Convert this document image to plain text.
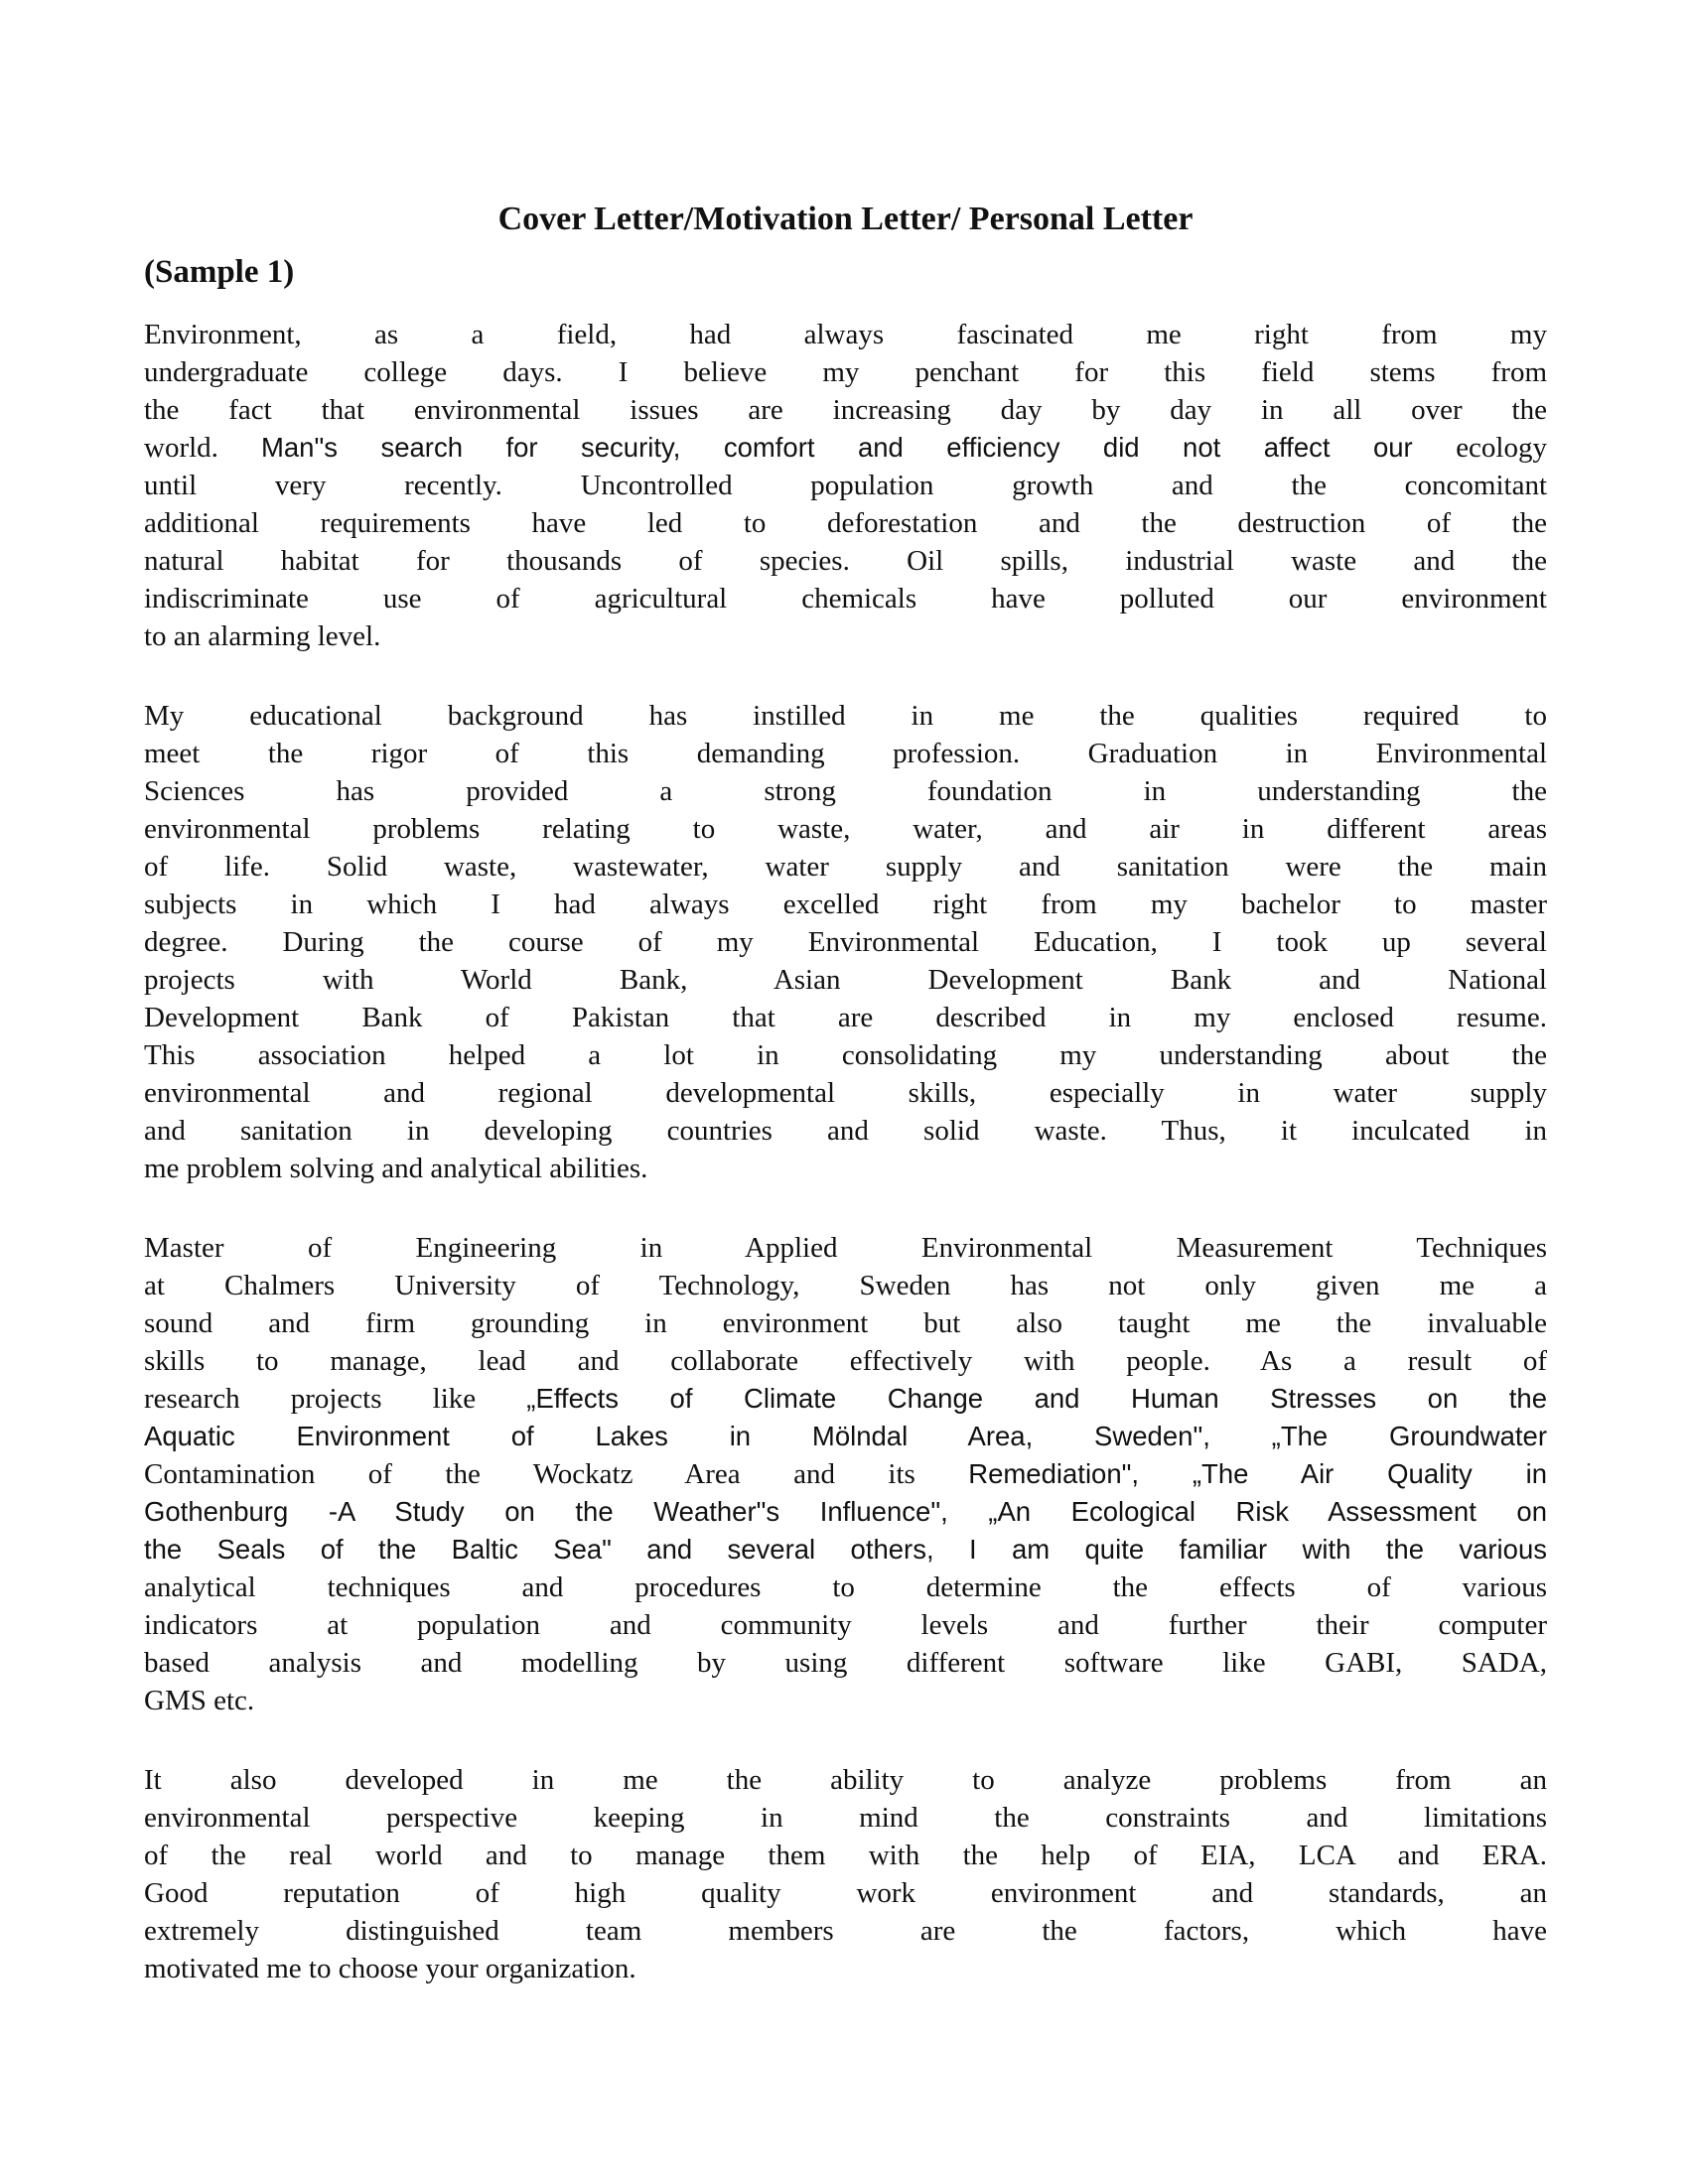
Cover Letter/Motivation Letter/ Personal Letter
(Sample 1)
Environment, as a field, had always fascinated me right from my
undergraduate college days. I believe my penchant for this field stems from
the fact that environmental issues are increasing day by day in all over the
world. Man"s search for security, comfort and efficiency did not affect our ecology
until very recently. Uncontrolled population growth and the concomitant
additional requirements have led to deforestation and the destruction of the
natural habitat for thousands of species. Oil spills, industrial waste and the
indiscriminate use of agricultural chemicals have polluted our environment
to an alarming level.
My educational background has instilled in me the qualities required to
meet the rigor of this demanding profession. Graduation in Environmental
Sciences has provided a strong foundation in understanding the
environmental problems relating to waste, water, and air in different areas
of life. Solid waste, wastewater, water supply and sanitation were the main
subjects in which I had always excelled right from my bachelor to master
degree. During the course of my Environmental Education, I took up several
projects with World Bank, Asian Development Bank and National
Development Bank of Pakistan that are described in my enclosed resume.
This association helped a lot in consolidating my understanding about the
environmental and regional developmental skills, especially in water supply
and sanitation in developing countries and solid waste. Thus, it inculcated in
me problem solving and analytical abilities.
Master of Engineering in Applied Environmental Measurement Techniques
at Chalmers University of Technology, Sweden has not only given me a
sound and firm grounding in environment but also taught me the invaluable
skills to manage, lead and collaborate effectively with people. As a result of
research projects like „Effects of Climate Change and Human Stresses on the
Aquatic Environment of Lakes in Mölndal Area, Sweden", „The Groundwater
Contamination of the Wockatz Area and its Remediation", „The Air Quality in
Gothenburg -A Study on the Weather"s Influence", „An Ecological Risk Assessment on
the Seals of the Baltic Sea" and several others, I am quite familiar with the various
analytical techniques and procedures to determine the effects of various
indicators at population and community levels and further their computer
based analysis and modelling by using different software like GABI, SADA,
GMS etc.
It also developed in me the ability to analyze problems from an
environmental perspective keeping in mind the constraints and limitations
of the real world and to manage them with the help of EIA, LCA and ERA.
Good reputation of high quality work environment and standards, an
extremely distinguished team members are the factors, which have
motivated me to choose your organization.
